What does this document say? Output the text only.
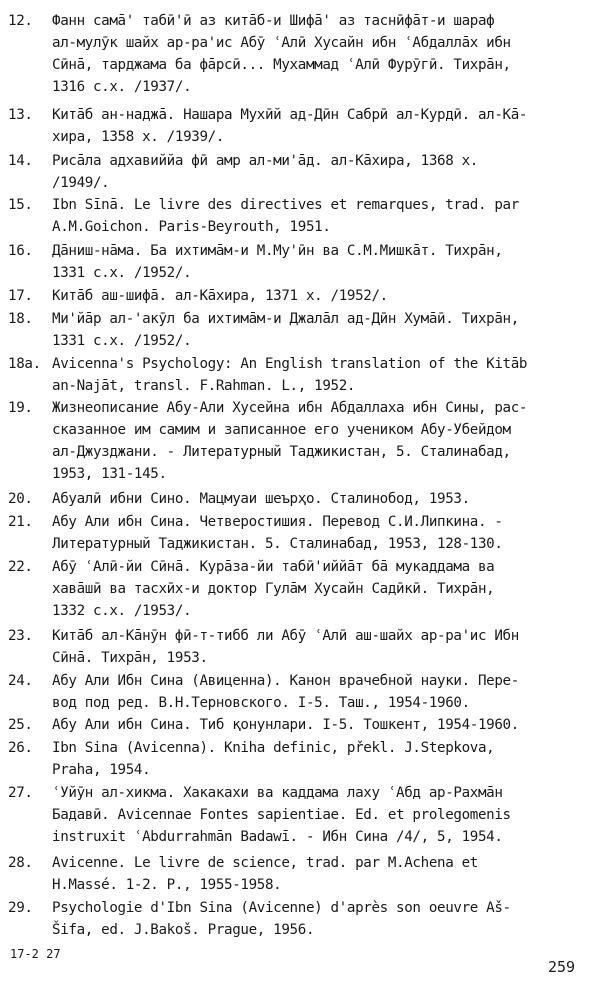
12.	Фанн самā' табӣ'ӣ аз китāб-и Шифā' аз таснӣфāт-и шараф
ал-мулӯк шайх ар-ра'ис Абӯ ʿАлӣ Хусайн ибн ʿАбдаллāх ибн
Сӣнā, тарджама ба фāрсӣ... Мухаммад ʿАлӣ Фурӯгӣ. Тихрāн,
1316 с.х. /1937/.
13.	Китāб ан-наджā. Нашара Мухӣй ад-Дӣн Сабрӣ ал-Курдӣ. ал-Кā-
хира, 1358 х. /1939/.
14.	Рисāла адхавиййа фӣ амр ал-ми'āд. ал-Кāхира, 1368 х.
/1949/.
15.	Ibn Sīnā. Le livre des directives et remarques, trad. par
A.M.Goichon. Paris-Beyrouth, 1951.
16.	Дāниш-нāма. Ба ихтимāм-и М.Му'ӣн ва С.М.Мишкāт. Тихрāн,
1331 с.х. /1952/.
17.	Китāб аш-шифā. ал-Кāхира, 1371 х. /1952/.
18.	Ми'йāр ал-'акӯл ба ихтимāм-и Джалāл ад-Дӣн Хумāӣ. Тихрāн,
1331 с.х. /1952/.
18a. Avicenna's Psychology: An English translation of the Kitāb
an-Najāt, transl. F.Rahman. L., 1952.
19.	Жизнеописание Абу-Али Хусейна ибн Абдаллаха ибн Сины, рас-
сказанное им самим и записанное его учеником Абу-Убейдом
ал-Джузджани. - Литературный Таджикистан, 5. Сталинабад,
1953, 131-145.
20.	Абуалӣ ибни Сино. Мацмуаи шеърҳо. Сталинобод, 1953.
21.	Абу Али ибн Сина. Четверостишия. Перевод С.И.Липкина. -
Литературный Таджикистан. 5. Сталинабад, 1953, 128-130.
22.	Абӯ ʿАлӣ-йи Сӣнā. Курāза-йи табӣ'иййāт бā мукаддама ва
хавāшӣ ва тасхӣх-и доктор Гулāм Хусайн Садӣкӣ. Тихрāн,
1332 с.х. /1953/.
23.	Китāб ал-Кāнӯн фӣ-т-тибб ли Абӯ ʿАлӣ аш-шайх ар-ра'ис Ибн
Сӣнā. Тихрāн, 1953.
24.	Абу Али Ибн Сина (Авиценна). Канон врачебной науки. Пере-
вод под ред. В.Н.Терновского. I-5. Таш., 1954-1960.
25.	Абу Али ибн Сина. Тиб қонунлари. I-5. Тошкент, 1954-1960.
26.	Ibn Sina (Avicenna). Kniha definic, překl. J.Stepkova,
Praha, 1954.
27.	ʿУйӯн ал-хикма. Хакакахи ва каддама лаху ʿАбд ар-Рахмāн
Бадавӣ. Avicennae Fontes sapientiae. Ed. et prolegomenis
instruxit ʿAbdurrahmān Badawī. - Ибн Сина /4/, 5, 1954.
28.	Avicenne. Le livre de science, trad. par M.Achena et
H.Massé. 1-2. P., 1955-1958.
29.	Psychologie d'Ibn Sina (Avicenne) d'après son oeuvre Aš-
Šifa, ed. J.Bakoš. Prague, 1956.
17-2 27
259
